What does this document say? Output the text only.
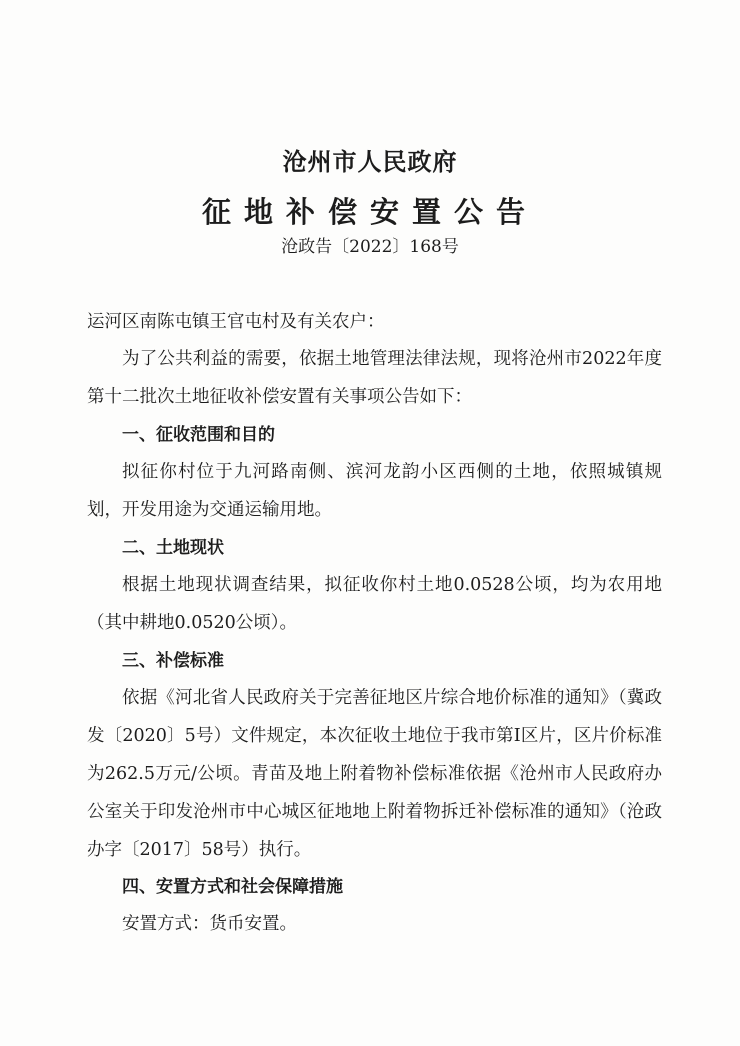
沧州市人民政府
征地补偿安置公告
沧政告〔2022〕168号
运河区南陈屯镇王官屯村及有关农户：
为了公共利益的需要，依据土地管理法律法规，现将沧州市2022年度第十二批次土地征收补偿安置有关事项公告如下：
一、征收范围和目的
拟征你村位于九河路南侧、滨河龙韵小区西侧的土地，依照城镇规划，开发用途为交通运输用地。
二、土地现状
根据土地现状调查结果，拟征收你村土地0.0528公顷，均为农用地（其中耕地0.0520公顷）。
三、补偿标准
依据《河北省人民政府关于完善征地区片综合地价标准的通知》（冀政发〔2020〕5号）文件规定，本次征收土地位于我市第Ⅰ区片，区片价标准为262.5万元/公顷。青苗及地上附着物补偿标准依据《沧州市人民政府办公室关于印发沧州市中心城区征地地上附着物拆迁补偿标准的通知》（沧政办字〔2017〕58号）执行。
四、安置方式和社会保障措施
安置方式：货币安置。
